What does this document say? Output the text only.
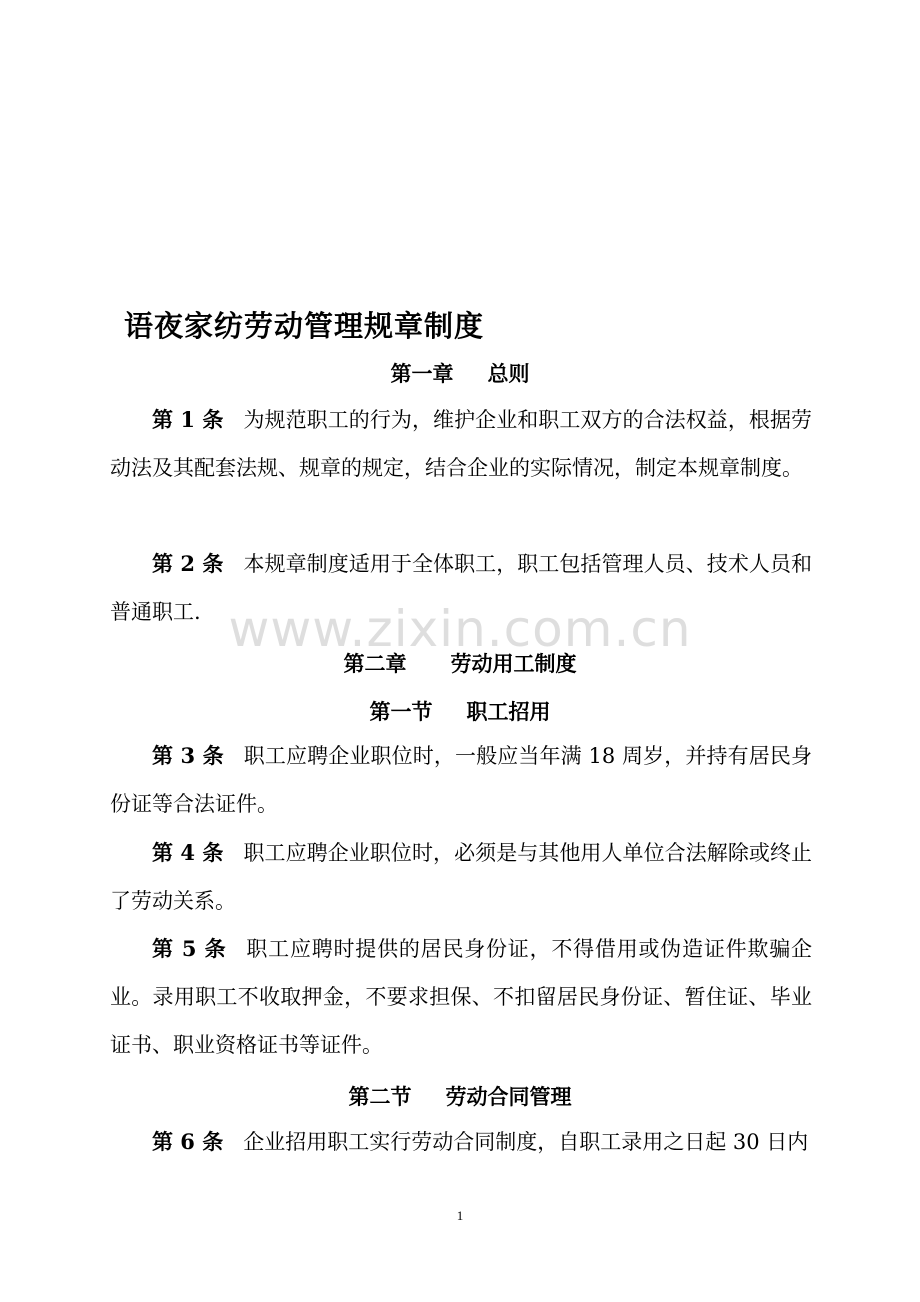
www.zixin.com.cn
语夜家纺劳动管理规章制度
第一章 总则
第 1 条 为规范职工的行为，维护企业和职工双方的合法权益，根据劳动法及其配套法规、规章的规定，结合企业的实际情况，制定本规章制度。
第 2 条 本规章制度适用于全体职工，职工包括管理人员、技术人员和普通职工.
第二章 劳动用工制度
第一节 职工招用
第 3 条 职工应聘企业职位时，一般应当年满 18 周岁，并持有居民身份证等合法证件。
第 4 条 职工应聘企业职位时，必须是与其他用人单位合法解除或终止了劳动关系。
第 5 条 职工应聘时提供的居民身份证，不得借用或伪造证件欺骗企业。录用职工不收取押金，不要求担保、不扣留居民身份证、暂住证、毕业证书、职业资格证书等证件。
第二节 劳动合同管理
第 6 条 企业招用职工实行劳动合同制度，自职工录用之日起 30 日内
1
